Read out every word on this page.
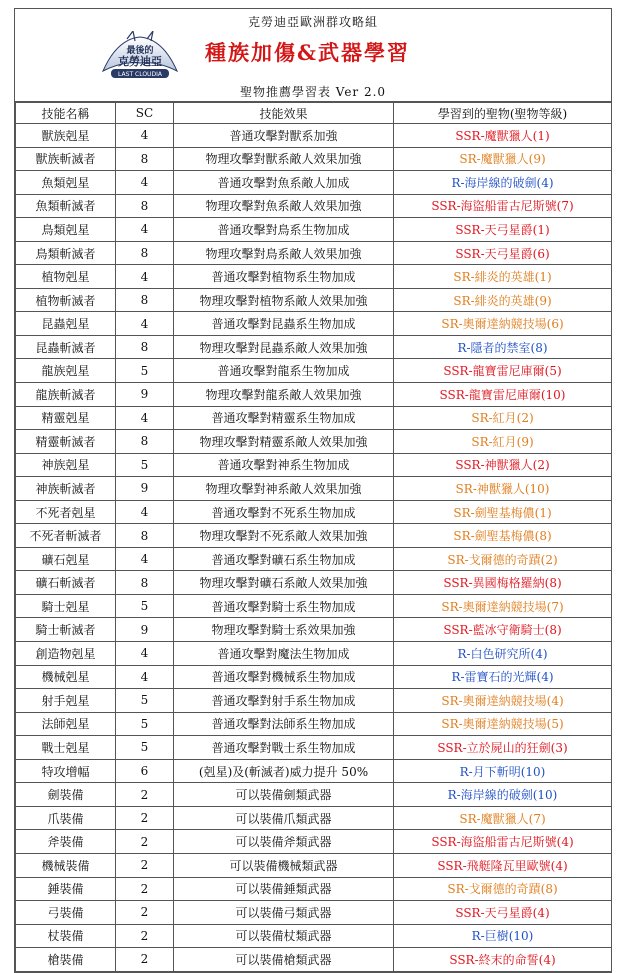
克勞迪亞歐洲群攻略組
最後的
克勞迪亞
LAST CLOUDIA
種族加傷&武器學習
聖物推薦學習表 Ver 2.0
技能名稱	SC	技能效果	學習到的聖物(聖物等級)
獸族剋星	4	普通攻擊對獸系加強	SSR-魔獸獵人(1)
獸族斬滅者	8	物理攻擊對獸系敵人效果加強	SR-魔獸獵人(9)
魚類剋星	4	普通攻擊對魚系敵人加成	R-海岸線的破劍(4)
魚類斬滅者	8	物理攻擊對魚系敵人效果加強	SSR-海盜船雷古尼斯號(7)
鳥類剋星	4	普通攻擊對鳥系生物加成	SSR-天弓星爵(1)
鳥類斬滅者	8	物理攻擊對鳥系敵人效果加強	SSR-天弓星爵(6)
植物剋星	4	普通攻擊對植物系生物加成	SR-緋炎的英雄(1)
植物斬滅者	8	物理攻擊對植物系敵人效果加強	SR-緋炎的英雄(9)
昆蟲剋星	4	普通攻擊對昆蟲系生物加成	SR-奧爾達納競技場(6)
昆蟲斬滅者	8	物理攻擊對昆蟲系敵人效果加強	R-隱者的禁室(8)
龍族剋星	5	普通攻擊對龍系生物加成	SSR-龍寶雷尼庫爾(5)
龍族斬滅者	9	物理攻擊對龍系敵人效果加強	SSR-龍寶雷尼庫爾(10)
精靈剋星	4	普通攻擊對精靈系生物加成	SR-紅月(2)
精靈斬滅者	8	物理攻擊對精靈系敵人效果加強	SR-紅月(9)
神族剋星	5	普通攻擊對神系生物加成	SSR-神獸獵人(2)
神族斬滅者	9	物理攻擊對神系敵人效果加強	SR-神獸獵人(10)
不死者剋星	4	普通攻擊對不死系生物加成	SR-劍聖基梅儂(1)
不死者斬滅者	8	物理攻擊對不死系敵人效果加強	SR-劍聖基梅儂(8)
礦石剋星	4	普通攻擊對礦石系生物加成	SR-戈爾德的奇蹟(2)
礦石斬滅者	8	物理攻擊對礦石系敵人效果加強	SSR-異國梅格羅納(8)
騎士剋星	5	普通攻擊對騎士系生物加成	SR-奧爾達納競技場(7)
騎士斬滅者	9	物理攻擊對騎士系效果加強	SSR-藍冰守衛騎士(8)
創造物剋星	4	普通攻擊對魔法生物加成	R-白色研究所(4)
機械剋星	4	普通攻擊對機械系生物加成	R-雷寶石的光輝(4)
射手剋星	5	普通攻擊對射手系生物加成	SR-奧爾達納競技場(4)
法師剋星	5	普通攻擊對法師系生物加成	SR-奧爾達納競技場(5)
戰士剋星	5	普通攻擊對戰士系生物加成	SSR-立於屍山的狂劍(3)
特攻增幅	6	(剋星)及(斬滅者)威力提升 50%	R-月下斬明(10)
劍裝備	2	可以裝備劍類武器	R-海岸線的破劍(10)
爪裝備	2	可以裝備爪類武器	SR-魔獸獵人(7)
斧裝備	2	可以裝備斧類武器	SSR-海盜船雷古尼斯號(4)
機械裝備	2	可以裝備機械類武器	SSR-飛艇隆瓦里歐號(4)
錘裝備	2	可以裝備錘類武器	SR-戈爾德的奇蹟(8)
弓裝備	2	可以裝備弓類武器	SSR-天弓星爵(4)
杖裝備	2	可以裝備杖類武器	R-巨樹(10)
槍裝備	2	可以裝備槍類武器	SSR-終末的命誓(4)
